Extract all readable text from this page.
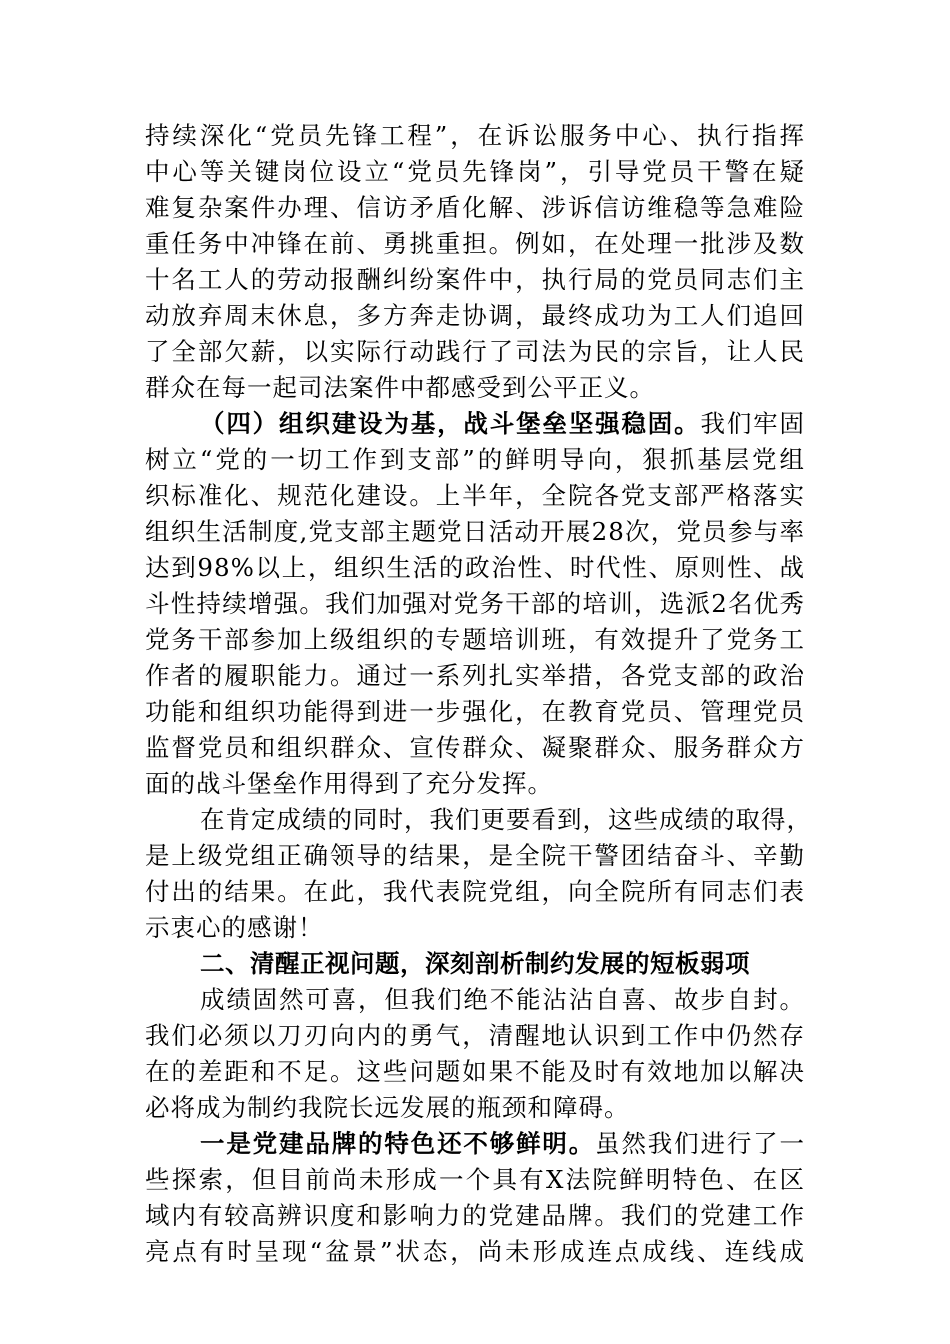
持续深化“党员先锋工程”，在诉讼服务中心、执行指挥
中心等关键岗位设立“党员先锋岗”，引导党员干警在疑
难复杂案件办理、信访矛盾化解、涉诉信访维稳等急难险
重任务中冲锋在前、勇挑重担。例如，在处理一批涉及数
十名工人的劳动报酬纠纷案件中，执行局的党员同志们主
动放弃周末休息，多方奔走协调，最终成功为工人们追回
了全部欠薪，以实际行动践行了司法为民的宗旨，让人民
群众在每一起司法案件中都感受到公平正义。
（四）组织建设为基，战斗堡垒坚强稳固。我们牢固
树立“党的一切工作到支部”的鲜明导向，狠抓基层党组
织标准化、规范化建设。上半年，全院各党支部严格落实
组织生活制度,党支部主题党日活动开展28次，党员参与率
达到98%以上，组织生活的政治性、时代性、原则性、战
斗性持续增强。我们加强对党务干部的培训，选派2名优秀
党务干部参加上级组织的专题培训班，有效提升了党务工
作者的履职能力。通过一系列扎实举措，各党支部的政治
功能和组织功能得到进一步强化，在教育党员、管理党员
监督党员和组织群众、宣传群众、凝聚群众、服务群众方
面的战斗堡垒作用得到了充分发挥。
在肯定成绩的同时，我们更要看到，这些成绩的取得，
是上级党组正确领导的结果，是全院干警团结奋斗、辛勤
付出的结果。在此，我代表院党组，向全院所有同志们表
示衷心的感谢！
二、清醒正视问题，深刻剖析制约发展的短板弱项
成绩固然可喜，但我们绝不能沾沾自喜、故步自封。
我们必须以刀刃向内的勇气，清醒地认识到工作中仍然存
在的差距和不足。这些问题如果不能及时有效地加以解决
必将成为制约我院长远发展的瓶颈和障碍。
一是党建品牌的特色还不够鲜明。虽然我们进行了一
些探索，但目前尚未形成一个具有X法院鲜明特色、在区
域内有较高辨识度和影响力的党建品牌。我们的党建工作
亮点有时呈现“盆景”状态，尚未形成连点成线、连线成
